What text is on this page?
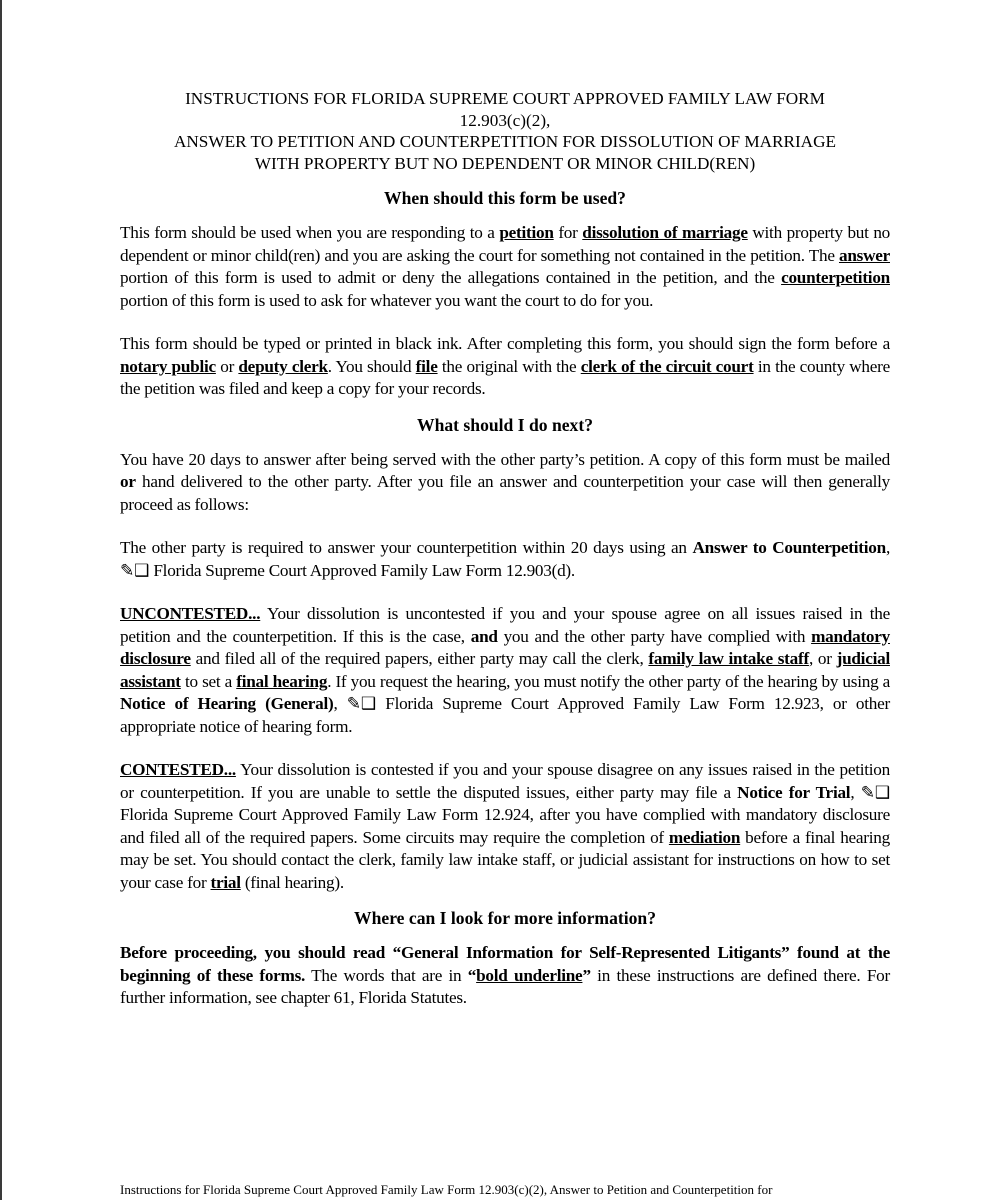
INSTRUCTIONS FOR FLORIDA SUPREME COURT APPROVED FAMILY LAW FORM
12.903(c)(2),
ANSWER TO PETITION AND COUNTERPETITION FOR DISSOLUTION OF MARRIAGE
WITH PROPERTY BUT NO DEPENDENT OR MINOR CHILD(REN)
When should this form be used?

This form should be used when you are responding to a petition for dissolution of marriage with property but no dependent or minor child(ren) and you are asking the court for something not contained in the petition. The answer portion of this form is used to admit or deny the allegations contained in the petition, and the counterpetition portion of this form is used to ask for whatever you want the court to do for you.

This form should be typed or printed in black ink. After completing this form, you should sign the form before a notary public or deputy clerk. You should file the original with the clerk of the circuit court in the county where the petition was filed and keep a copy for your records.

What should I do next?

You have 20 days to answer after being served with the other party’s petition. A copy of this form must be mailed or hand delivered to the other party. After you file an answer and counterpetition your case will then generally proceed as follows:

The other party is required to answer your counterpetition within 20 days using an Answer to Counterpetition, ✎❑ Florida Supreme Court Approved Family Law Form 12.903(d).

UNCONTESTED... Your dissolution is uncontested if you and your spouse agree on all issues raised in the petition and the counterpetition. If this is the case, and you and the other party have complied with mandatory disclosure and filed all of the required papers, either party may call the clerk, family law intake staff, or judicial assistant to set a final hearing. If you request the hearing, you must notify the other party of the hearing by using a Notice of Hearing (General), ✎❑ Florida Supreme Court Approved Family Law Form 12.923, or other appropriate notice of hearing form.

CONTESTED... Your dissolution is contested if you and your spouse disagree on any issues raised in the petition or counterpetition. If you are unable to settle the disputed issues, either party may file a Notice for Trial, ✎❑ Florida Supreme Court Approved Family Law Form 12.924, after you have complied with mandatory disclosure and filed all of the required papers. Some circuits may require the completion of mediation before a final hearing may be set. You should contact the clerk, family law intake staff, or judicial assistant for instructions on how to set your case for trial (final hearing).

Where can I look for more information?

Before proceeding, you should read “General Information for Self-Represented Litigants” found at the beginning of these forms. The words that are in “bold underline” in these instructions are defined there. For further information, see chapter 61, Florida Statutes.

Instructions for Florida Supreme Court Approved Family Law Form 12.903(c)(2), Answer to Petition and Counterpetition for
